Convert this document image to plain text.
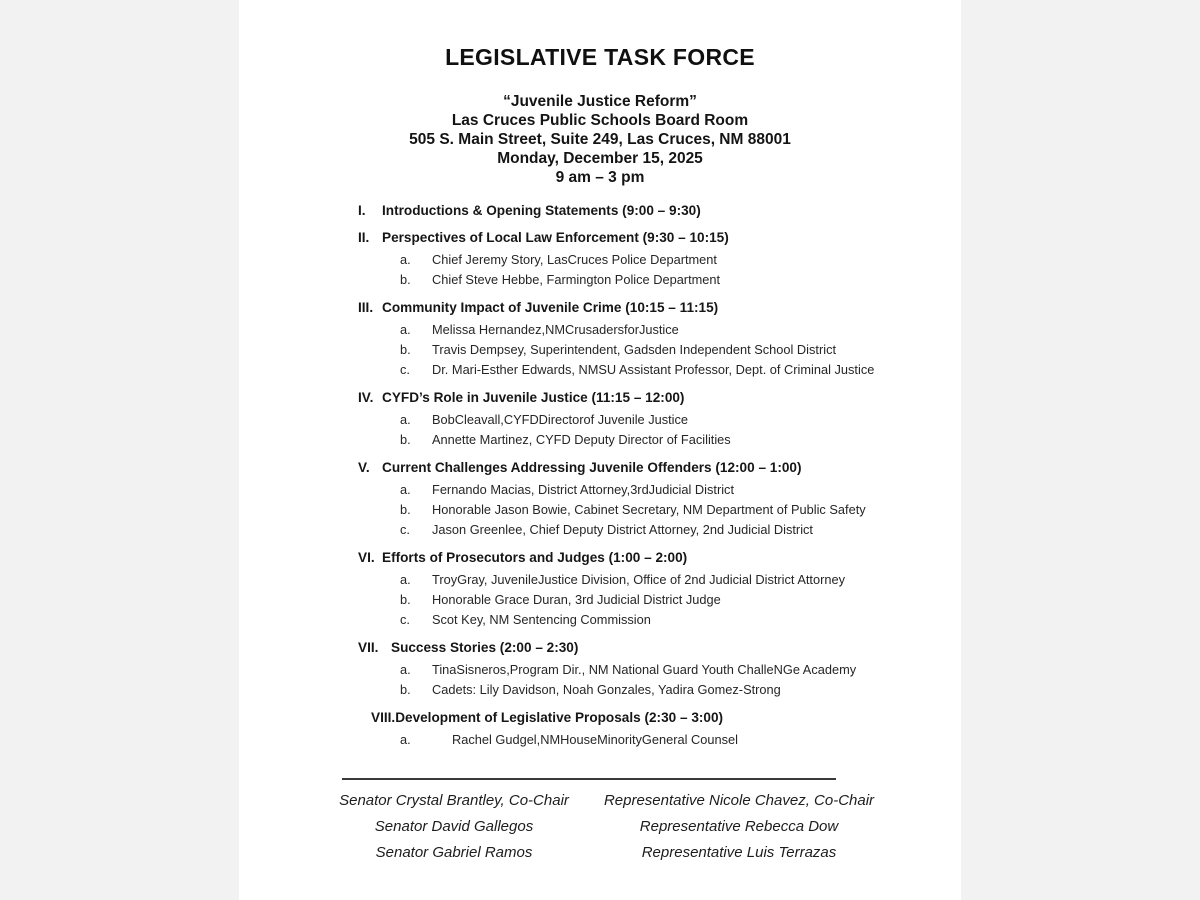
LEGISLATIVE TASK FORCE
“Juvenile Justice Reform”
Las Cruces Public Schools Board Room
505 S. Main Street, Suite 249, Las Cruces, NM 88001
Monday, December 15, 2025
9 am – 3 pm
I. Introductions & Opening Statements (9:00 – 9:30)
II. Perspectives of Local Law Enforcement (9:30 – 10:15)
a. Chief Jeremy Story, LasCruces Police Department
b. Chief Steve Hebbe, Farmington Police Department
III. Community Impact of Juvenile Crime (10:15 – 11:15)
a. Melissa Hernandez,NMCrusadersforJustice
b. Travis Dempsey, Superintendent, Gadsden Independent School District
c. Dr. Mari-Esther Edwards, NMSU Assistant Professor, Dept. of Criminal Justice
IV. CYFD’s Role in Juvenile Justice (11:15 – 12:00)
a. BobCleavall,CYFDDirectorof Juvenile Justice
b. Annette Martinez, CYFD Deputy Director of Facilities
V. Current Challenges Addressing Juvenile Offenders (12:00 – 1:00)
a. Fernando Macias, District Attorney,3rdJudicial District
b. Honorable Jason Bowie, Cabinet Secretary, NM Department of Public Safety
c. Jason Greenlee, Chief Deputy District Attorney, 2nd Judicial District
VI. Efforts of Prosecutors and Judges (1:00 – 2:00)
a. TroyGray, JuvenileJustice Division, Office of 2nd Judicial District Attorney
b. Honorable Grace Duran, 3rd Judicial District Judge
c. Scot Key, NM Sentencing Commission
VII. Success Stories (2:00 – 2:30)
a. TinaSisneros,Program Dir., NM National Guard Youth ChalleNGe Academy
b. Cadets: Lily Davidson, Noah Gonzales, Yadira Gomez-Strong
VIII.Development of Legislative Proposals (2:30 – 3:00)
a.	Rachel Gudgel,NMHouseMinorityGeneral Counsel
Senator Crystal Brantley, Co-Chair
Senator David Gallegos
Senator Gabriel Ramos
Representative Nicole Chavez, Co-Chair
Representative Rebecca Dow
Representative Luis Terrazas
